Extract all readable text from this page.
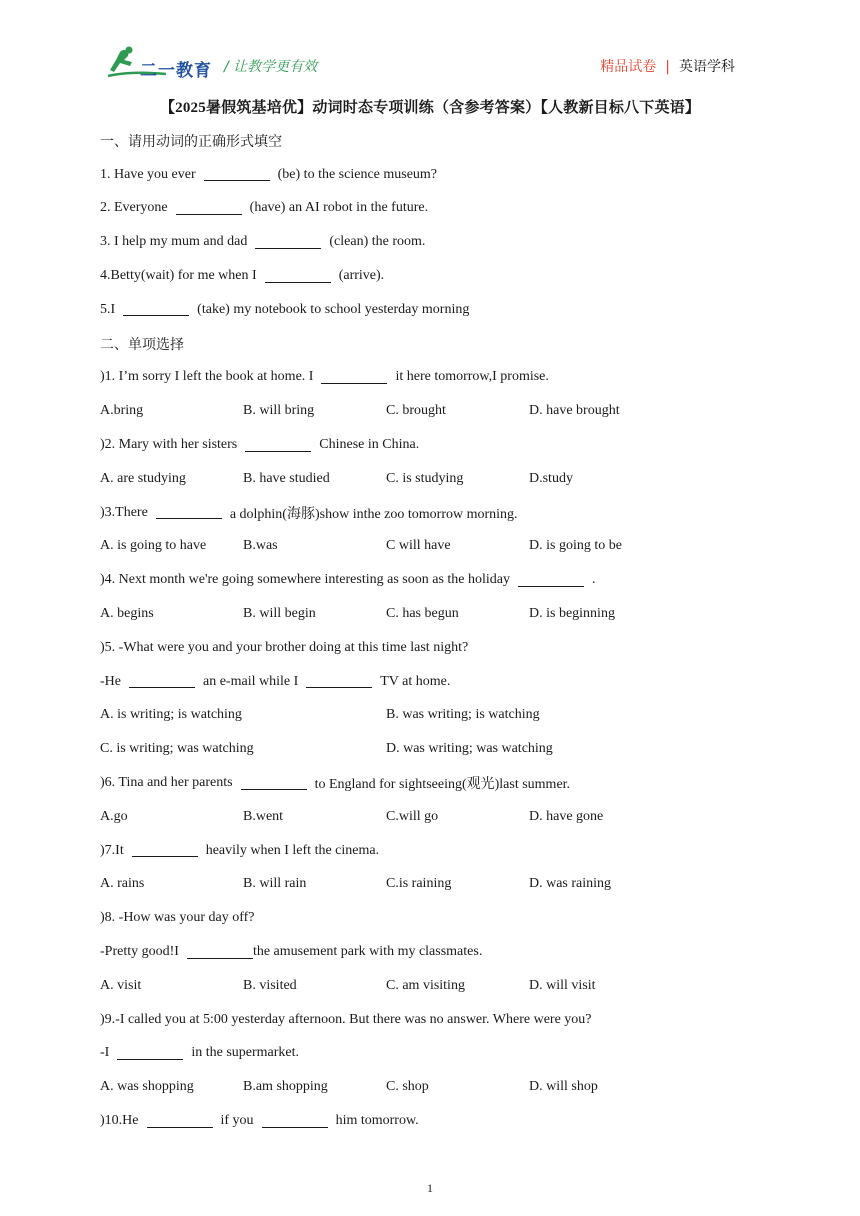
二一教育 / 让教学更有效	精品试卷 | 英语学科
【2025暑假筑基培优】动词时态专项训练（含参考答案）【人教新目标八下英语】
一、请用动词的正确形式填空
1. Have you ever	(be) to the science museum?
2. Everyone	(have) an AI robot in the future.
3. I help my mum and dad	(clean) the room.
4.Betty(wait) for me when I	(arrive).
5.I	(take) my notebook to school yesterday morning
二、单项选择
)1. I’m sorry I left the book at home. I	it here tomorrow,I promise.
A.bring	B. will bring	C. brought	D. have brought
)2. Mary with her sisters	Chinese in China.
A. are studying	B. have studied	C. is studying	D.study
)3.There	a dolphin(海豚)show inthe zoo tomorrow morning.
A. is going to have	B.was	C will have	D. is going to be
)4. Next month we're going somewhere interesting as soon as the holiday	.
A. begins	B. will begin	C. has begun	D. is beginning
)5. -What were you and your brother doing at this time last night?
-He	an e-mail while I	TV at home.
A. is writing; is watching	B. was writing; is watching
C. is writing; was watching	D. was writing; was watching
)6. Tina and her parents	to England for sightseeing(观光)last summer.
A.go	B.went	C.will go	D. have gone
)7.It	heavily when I left the cinema.
A. rains	B. will rain	C.is raining	D. was raining
)8. -How was your day off?
-Pretty good!I	the amusement park with my classmates.
A. visit	B. visited	C. am visiting	D. will visit
)9.-I called you at 5:00 yesterday afternoon. But there was no answer. Where were you?
-I	in the supermarket.
A. was shopping	B.am shopping	C. shop	D. will shop
)10.He	if you	him tomorrow.
1
